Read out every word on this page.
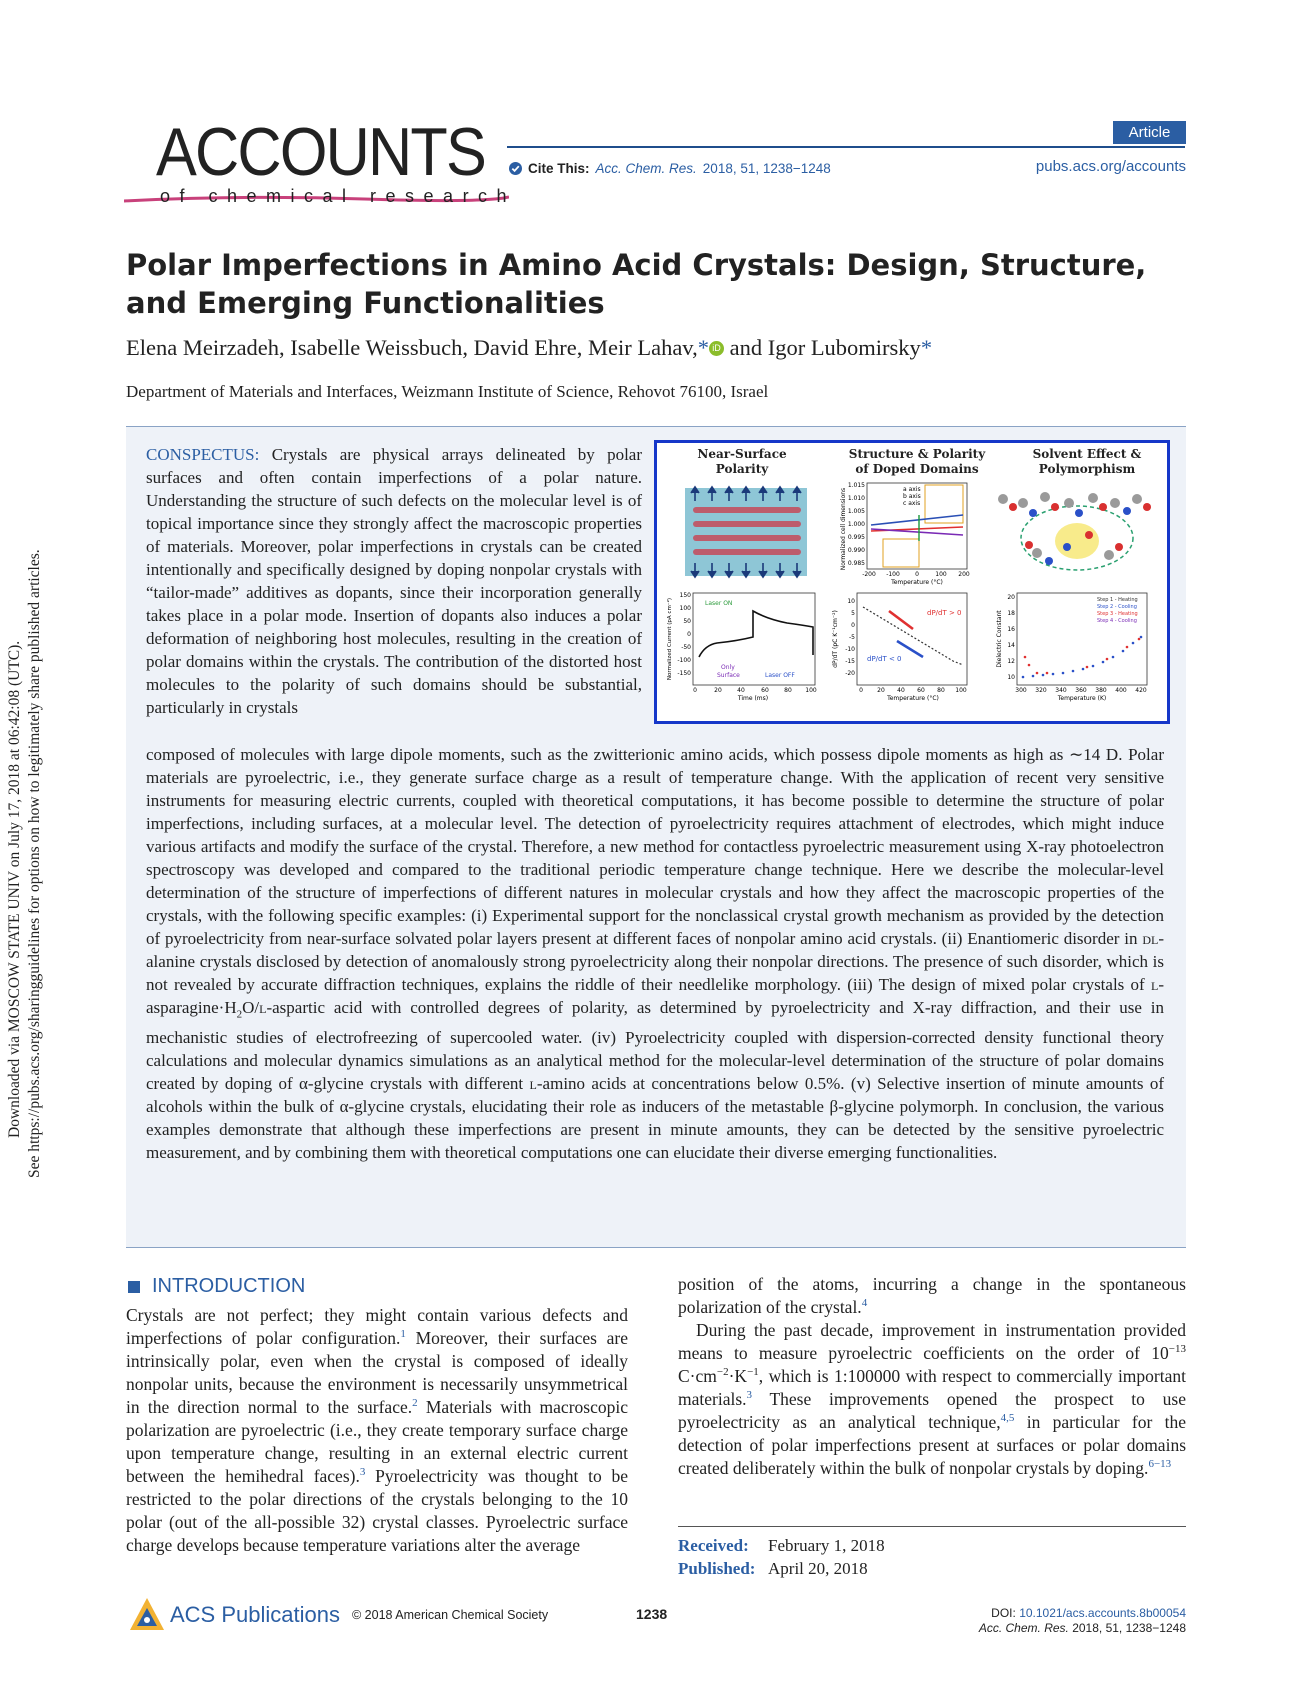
Downloaded via MOSCOW STATE UNIV on July 17, 2018 at 06:42:08 (UTC). See https://pubs.acs.org/sharingguidelines for options on how to legitimately share published articles.
ACCOUNTS
of chemical research
Article
Cite This: Acc. Chem. Res. 2018, 51, 1238−1248	pubs.acs.org/accounts
Polar Imperfections in Amino Acid Crystals: Design, Structure, and Emerging Functionalities
Elena Meirzadeh, Isabelle Weissbuch, David Ehre, Meir Lahav,* iD and Igor Lubomirsky*
Department of Materials and Interfaces, Weizmann Institute of Science, Rehovot 76100, Israel
CONSPECTUS: Crystals are physical arrays delineated by polar surfaces and often contain imperfections of a polar nature. Understanding the structure of such defects on the molecular level is of topical importance since they strongly affect the macroscopic properties of materials. Moreover, polar imperfections in crystals can be created intentionally and specifically designed by doping nonpolar crystals with “tailor-made” additives as dopants, since their incorporation generally takes place in a polar mode. Insertion of dopants also induces a polar deformation of neighboring host molecules, resulting in the creation of polar domains within the crystals. The contribution of the distorted host molecules to the polarity of such domains should be substantial, particularly in crystals
composed of molecules with large dipole moments, such as the zwitterionic amino acids, which possess dipole moments as high as ∼14 D. Polar materials are pyroelectric, i.e., they generate surface charge as a result of temperature change. With the application of recent very sensitive instruments for measuring electric currents, coupled with theoretical computations, it has become possible to determine the structure of polar imperfections, including surfaces, at a molecular level. The detection of pyroelectricity requires attachment of electrodes, which might induce various artifacts and modify the surface of the crystal. Therefore, a new method for contactless pyroelectric measurement using X-ray photoelectron spectroscopy was developed and compared to the traditional periodic temperature change technique. Here we describe the molecular-level determination of the structure of imperfections of different natures in molecular crystals and how they affect the macroscopic properties of the crystals, with the following specific examples: (i) Experimental support for the nonclassical crystal growth mechanism as provided by the detection of pyroelectricity from near-surface solvated polar layers present at different faces of nonpolar amino acid crystals. (ii) Enantiomeric disorder in dl-alanine crystals disclosed by detection of anomalously strong pyroelectricity along their nonpolar directions. The presence of such disorder, which is not revealed by accurate diffraction techniques, explains the riddle of their needlelike morphology. (iii) The design of mixed polar crystals of $l-asparagine\cdot H_2O/l$-aspartic acid with controlled degrees of polarity, as determined by pyroelectricity and X-ray diffraction, and their use in mechanistic studies of electrofreezing of supercooled water. (iv) Pyroelectricity coupled with dispersion-corrected density functional theory calculations and molecular dynamics simulations as an analytical method for the molecular-level determination of the structure of polar domains created by doping of α-glycine crystals with different l-amino acids at concentrations below 0.5%. (v) Selective insertion of minute amounts of alcohols within the bulk of α-glycine crystals, elucidating their role as inducers of the metastable β-glycine polymorph. In conclusion, the various examples demonstrate that although these imperfections are present in minute amounts, they can be detected by the sensitive pyroelectric measurement, and by combining them with theoretical computations one can elucidate their diverse emerging functionalities.
Near-Surface
Polarity
Structure & Polarity
of Doped Domains
Solvent Effect &
Polymorphism
1.015
1.010
1.005
1.000
0.995
0.990
0.985
-200 -100	0	100 200
Temperature (°C)
Normalized cell dimensions	a axis
b axis
c axis
150
100
50
0
-50
-100
-150
0	20	40	60	80 100
Time (ms)
Normalized Current (pA cm⁻²)	Laser ON
Only
Surface	Laser OFF
10
5
0
-5
-10
-15
-20
0 20 40 60 80 100
Temperature (°C)
dP/dT (pC K⁻¹cm⁻²)	dP/dT > 0
dP/dT < 0
20
18
16
14
12
10
300 320 340 360 380 400 420
Temperature (K)
Dielectric Constant
Step 1 - Heating
Step 2 - Cooling
Step 3 - Heating
Step 4 - Cooling
INTRODUCTION
Crystals are not perfect; they might contain various defects and imperfections of polar configuration.$^1$ Moreover, their surfaces are intrinsically polar, even when the crystal is composed of ideally nonpolar units, because the environment is necessarily unsymmetrical in the direction normal to the surface.$^2$ Materials with macroscopic polarization are pyroelectric (i.e., they create temporary surface charge upon temperature change, resulting in an external electric current between the hemihedral faces).$^3$ Pyroelectricity was thought to be restricted to the polar directions of the crystals belonging to the 10 polar (out of the all-possible 32) crystal classes. Pyroelectric surface charge develops because temperature variations alter the average

position of the atoms, incurring a change in the spontaneous polarization of the crystal.$^4$

During the past decade, improvement in instrumentation provided means to measure pyroelectric coefficients on the order of $10^{-13}$ $C\cdot cm^{-2}\cdot K^{-1}$, which is 1:100000 with respect to commercially important materials.$^3$ These improvements opened the prospect to use pyroelectricity as an analytical technique,$^{4,5}$ in particular for the detection of polar imperfections present at surfaces or polar domains created deliberately within the bulk of nonpolar crystals by doping.$^{6-13}$

Received: February 1, 2018
Published: April 20, 2018
ACS Publications © 2018 American Chemical Society	1238	DOI: 10.1021/acs.accounts.8b00054
Acc. Chem. Res. 2018, 51, 1238−1248
